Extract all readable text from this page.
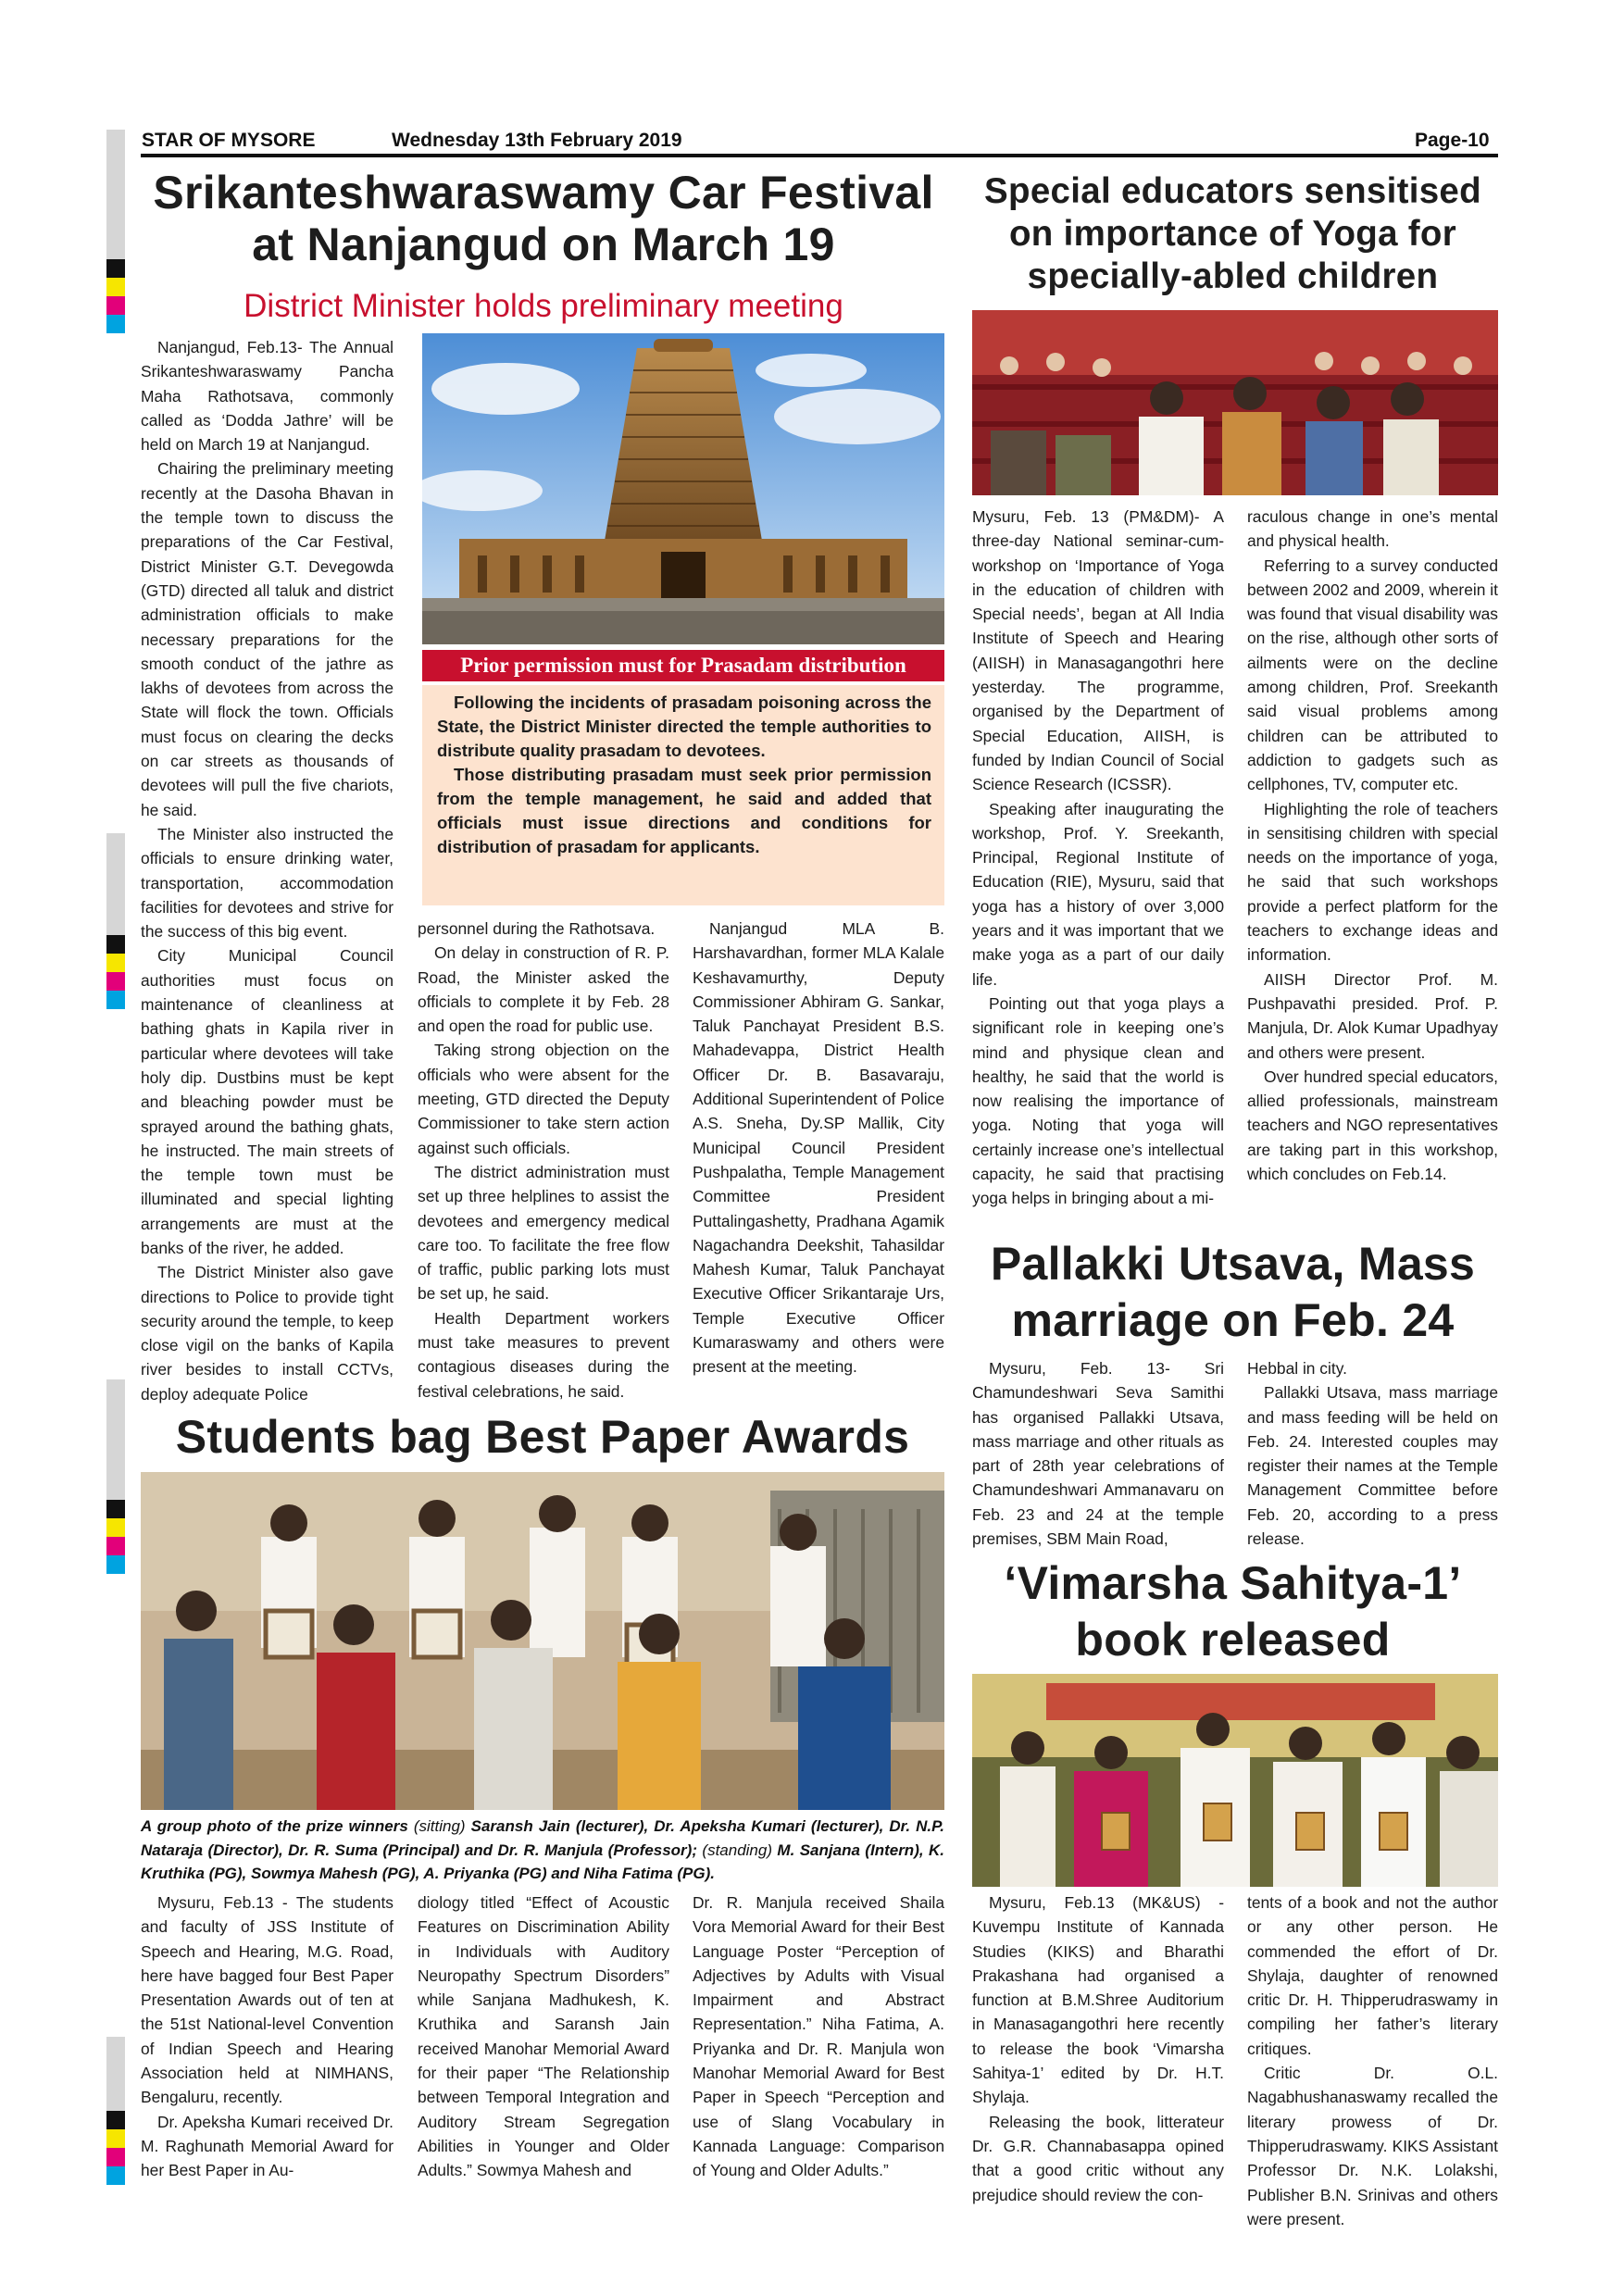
STAR OF MYSORE	Wednesday 13th February 2019	Page-10
Srikanteshwaraswamy Car Festival
at Nanjangud on March 19
District Minister holds preliminary meeting
Prior permission must for Prasadam distribution

Following the incidents of prasadam poisoning across the State, the District Minister directed the temple authorities to distribute quality prasadam to devotees.

Those distributing prasadam must seek prior permission from the temple management, he said and added that officials must issue directions and conditions for distribution of prasadam for applicants.

Nanjangud, Feb.13- The Annual Srikanteshwaraswamy Pancha Maha Rathotsava, commonly called as ‘Dodda Jathre’ will be held on March 19 at Nanjangud.

Chairing the preliminary meeting recently at the Dasoha Bhavan in the temple town to discuss the preparations of the Car Festival, District Minister G.T. Devegowda (GTD) directed all taluk and district administration officials to make necessary preparations for the smooth conduct of the jathre as lakhs of devotees from across the State will flock the town. Officials must focus on clearing the decks on car streets as thousands of devotees will pull the five chariots, he said.

The Minister also instructed the officials to ensure drinking water, transportation, accommodation facilities for devotees and strive for the success of this big event.

City Municipal Council authorities must focus on maintenance of cleanliness at bathing ghats in Kapila river in particular where devotees will take holy dip. Dustbins must be kept and bleaching powder must be sprayed around the bathing ghats, he instructed. The main streets of the temple town must be illuminated and special lighting arrangements are must at the banks of the river, he added.

The District Minister also gave directions to Police to provide tight security around the temple, to keep close vigil on the banks of Kapila river besides to install CCTVs, deploy adequate Police

personnel during the Rathotsava.

On delay in construction of R. P. Road, the Minister asked the officials to complete it by Feb. 28 and open the road for public use.

Taking strong objection on the officials who were absent for the meeting, GTD directed the Deputy Commissioner to take stern action against such officials.

The district administration must set up three helplines to assist the devotees and emergency medical care too. To facilitate the free flow of traffic, public parking lots must be set up, he said.

Health Department workers must take measures to prevent contagious diseases during the festival celebrations, he said.

Nanjangud MLA B. Harshavardhan, former MLA Kalale Keshavamurthy, Deputy Commissioner Abhiram G. Sankar, Taluk Panchayat President B.S. Mahadevappa, District Health Officer Dr. B. Basavaraju, Additional Superintendent of Police A.S. Sneha, Dy.SP Mallik, City Municipal Council President Pushpalatha, Temple Management Committee President Puttalingashetty, Pradhana Agamik Nagachandra Deekshit, Tahasildar Mahesh Kumar, Taluk Panchayat Executive Officer Srikantaraje Urs, Temple Executive Officer Kumaraswamy and others were present at the meeting.

Special educators sensitised
on importance of Yoga for
specially-abled children

Mysuru, Feb. 13 (PM&DM)- A three-day National seminar-cum-workshop on ‘Importance of Yoga in the education of children with Special needs’, began at All India Institute of Speech and Hearing (AIISH) in Manasagangothri here yesterday. The programme, organised by the Department of Special Education, AIISH, is funded by Indian Council of Social Science Research (ICSSR).

Speaking after inaugurating the workshop, Prof. Y. Sreekanth, Principal, Regional Institute of Education (RIE), Mysuru, said that yoga has a history of over 3,000 years and it was important that we make yoga as a part of our daily life.

Pointing out that yoga plays a significant role in keeping one’s mind and physique clean and healthy, he said that the world is now realising the importance of yoga. Noting that yoga will certainly increase one’s intellectual capacity, he said that practising yoga helps in bringing about a mi-

raculous change in one’s mental and physical health.

Referring to a survey conducted between 2002 and 2009, wherein it was found that visual disability was on the rise, although other sorts of ailments were on the decline among children, Prof. Sreekanth said visual problems among children can be attributed to addiction to gadgets such as cellphones, TV, computer etc.

Highlighting the role of teachers in sensitising children with special needs on the importance of yoga, he said that such workshops provide a perfect platform for the teachers to exchange ideas and information.

AIISH Director Prof. M. Pushpavathi presided. Prof. P. Manjula, Dr. Alok Kumar Upadhyay and others were present.

Over hundred special educators, allied professionals, mainstream teachers and NGO representatives are taking part in this workshop, which concludes on Feb.14.

Pallakki Utsava, Mass
marriage on Feb. 24

Mysuru, Feb. 13- Sri Chamundeshwari Seva Samithi has organised Pallakki Utsava, mass marriage and other rituals as part of 28th year celebrations of Chamundeshwari Ammanavaru on Feb. 23 and 24 at the temple premises, SBM Main Road,

Hebbal in city.

Pallakki Utsava, mass marriage and mass feeding will be held on Feb. 24. Interested couples may register their names at the Temple Management Committee before Feb. 20, according to a press release.

Students bag Best Paper Awards
A group photo of the prize winners (sitting) Saransh Jain (lecturer), Dr. Apeksha Kumari (lecturer), Dr. N.P. Nataraja (Director), Dr. R. Suma (Principal) and Dr. R. Manjula (Professor); (standing) M. Sanjana (Intern), K. Kruthika (PG), Sowmya Mahesh (PG), A. Priyanka (PG) and Niha Fatima (PG).

Mysuru, Feb.13 - The students and faculty of JSS Institute of Speech and Hearing, M.G. Road, here have bagged four Best Paper Presentation Awards out of ten at the 51st National-level Convention of Indian Speech and Hearing Association held at NIMHANS, Bengaluru, recently.

Dr. Apeksha Kumari received Dr. M. Raghunath Memorial Award for her Best Paper in Au-

diology titled “Effect of Acoustic Features on Discrimination Ability in Individuals with Auditory Neuropathy Spectrum Disorders” while Sanjana Madhukesh, K. Kruthika and Saransh Jain received Manohar Memorial Award for their paper “The Relationship between Temporal Integration and Auditory Stream Segregation Abilities in Younger and Older Adults.” Sowmya Mahesh and

Dr. R. Manjula received Shaila Vora Memorial Award for their Best Language Poster “Perception of Adjectives by Adults with Visual Impairment and Abstract Representation.” Niha Fatima, A. Priyanka and Dr. R. Manjula won Manohar Memorial Award for Best Paper in Speech “Perception and use of Slang Vocabulary in Kannada Language: Comparison of Young and Older Adults.”

‘Vimarsha Sahitya-1’
book released

Mysuru, Feb.13 (MK&US) - Kuvempu Institute of Kannada Studies (KIKS) and Bharathi Prakashana had organised a function at B.M.Shree Auditorium in Manasagangothri here recently to release the book ‘Vimarsha Sahitya-1’ edited by Dr. H.T. Shylaja.

Releasing the book, litterateur Dr. G.R. Channabasappa opined that a good critic without any prejudice should review the con-

tents of a book and not the author or any other person. He commended the effort of Dr. Shylaja, daughter of renowned critic Dr. H. Thipperudraswamy in compiling her father’s literary critiques.

Critic Dr. O.L. Nagabhushanaswamy recalled the literary prowess of Dr. Thipperudraswamy. KIKS Assistant Professor Dr. N.K. Lolakshi, Publisher B.N. Srinivas and others were present.
